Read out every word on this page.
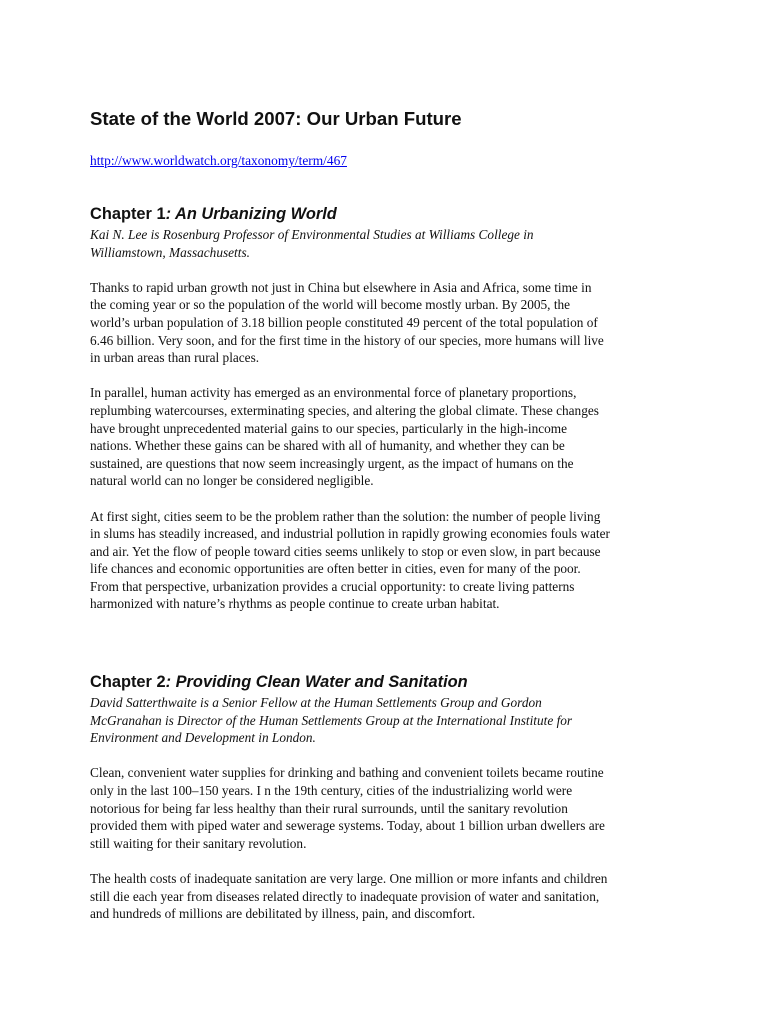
State of the World 2007: Our Urban Future
http://www.worldwatch.org/taxonomy/term/467
Chapter 1: An Urbanizing World
Kai N. Lee is Rosenburg Professor of Environmental Studies at Williams College in
Williamstown, Massachusetts.
Thanks to rapid urban growth not just in China but elsewhere in Asia and Africa, some time in
the coming year or so the population of the world will become mostly urban. By 2005, the
world’s urban population of 3.18 billion people constituted 49 percent of the total population of
6.46 billion. Very soon, and for the first time in the history of our species, more humans will live
in urban areas than rural places.
In parallel, human activity has emerged as an environmental force of planetary proportions,
replumbing watercourses, exterminating species, and altering the global climate. These changes
have brought unprecedented material gains to our species, particularly in the high-income
nations. Whether these gains can be shared with all of humanity, and whether they can be
sustained, are questions that now seem increasingly urgent, as the impact of humans on the
natural world can no longer be considered negligible.
At first sight, cities seem to be the problem rather than the solution: the number of people living
in slums has steadily increased, and industrial pollution in rapidly growing economies fouls water
and air. Yet the flow of people toward cities seems unlikely to stop or even slow, in part because
life chances and economic opportunities are often better in cities, even for many of the poor.
From that perspective, urbanization provides a crucial opportunity: to create living patterns
harmonized with nature’s rhythms as people continue to create urban habitat.
Chapter 2: Providing Clean Water and Sanitation
David Satterthwaite is a Senior Fellow at the Human Settlements Group and Gordon
McGranahan is Director of the Human Settlements Group at the International Institute for
Environment and Development in London.
Clean, convenient water supplies for drinking and bathing and convenient toilets became routine
only in the last 100–150 years. I n the 19th century, cities of the industrializing world were
notorious for being far less healthy than their rural surrounds, until the sanitary revolution
provided them with piped water and sewerage systems. Today, about 1 billion urban dwellers are
still waiting for their sanitary revolution.
The health costs of inadequate sanitation are very large. One million or more infants and children
still die each year from diseases related directly to inadequate provision of water and sanitation,
and hundreds of millions are debilitated by illness, pain, and discomfort.
